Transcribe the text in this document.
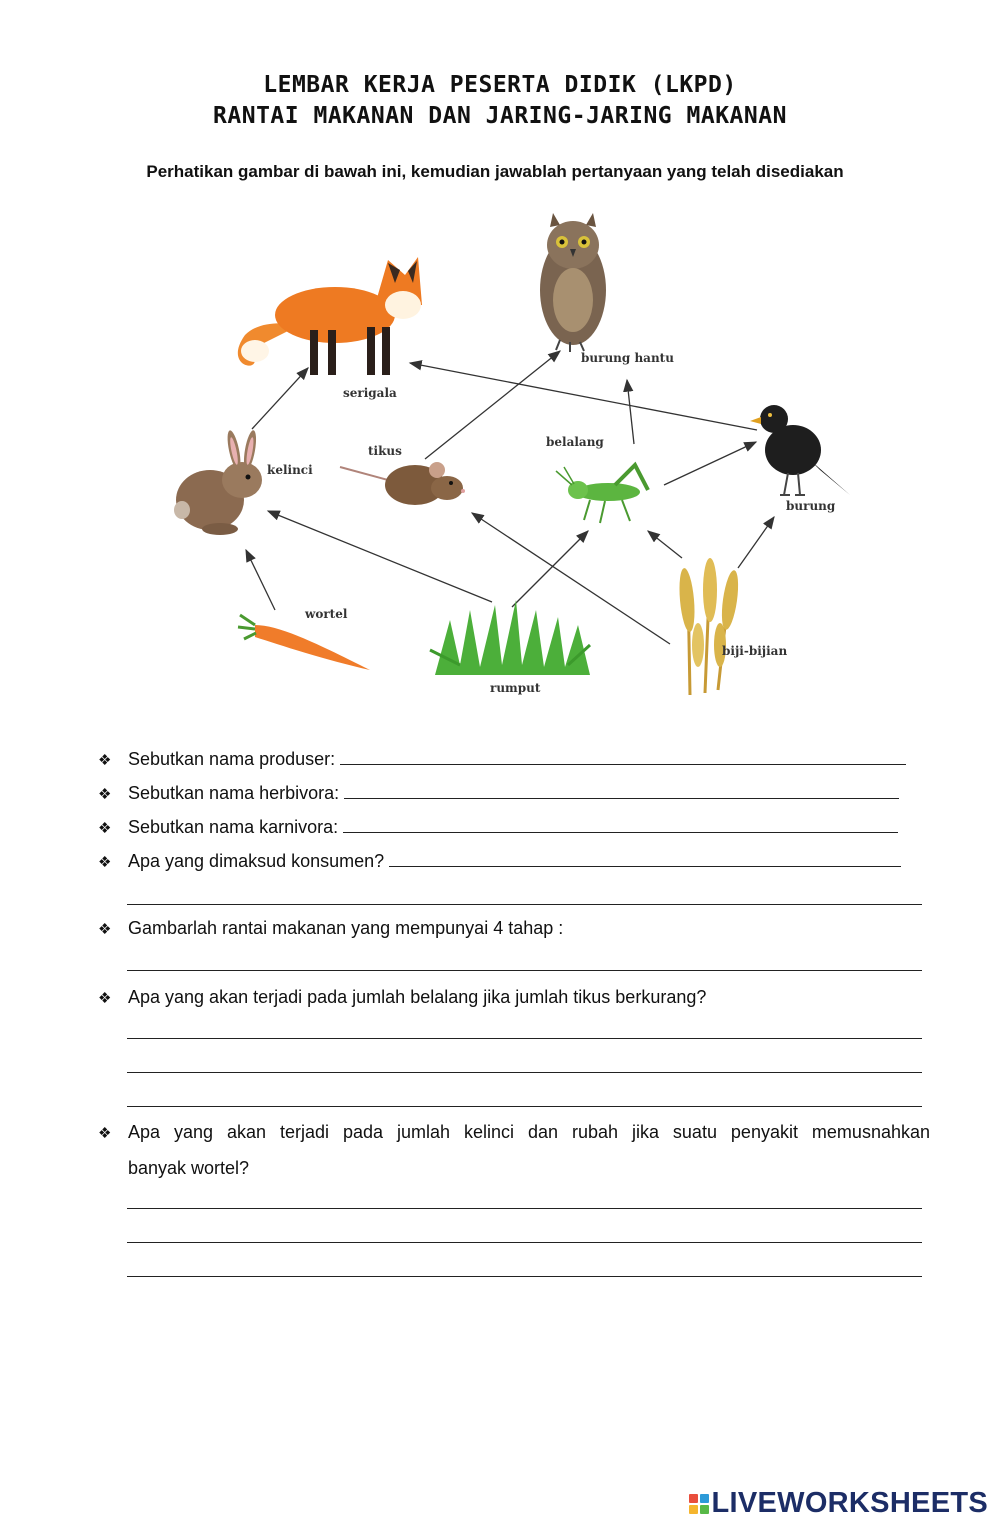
LEMBAR KERJA PESERTA DIDIK (LKPD)
RANTAI MAKANAN DAN JARING-JARING MAKANAN
Perhatikan gambar di bawah ini, kemudian jawablah pertanyaan yang telah disediakan
serigala
burung hantu
kelinci
tikus
belalang
burung
wortel
rumput
biji-bijian
❖ Sebutkan nama produser:
❖ Sebutkan nama herbivora:
❖ Sebutkan nama karnivora:
❖ Apa yang dimaksud konsumen?
❖ Gambarlah rantai makanan yang mempunyai 4 tahap :
❖ Apa yang akan terjadi pada jumlah belalang jika jumlah tikus berkurang?
❖ Apa yang akan terjadi pada jumlah kelinci dan rubah jika suatu penyakit memusnahkan
banyak wortel?
LIVEWORKSHEETS
